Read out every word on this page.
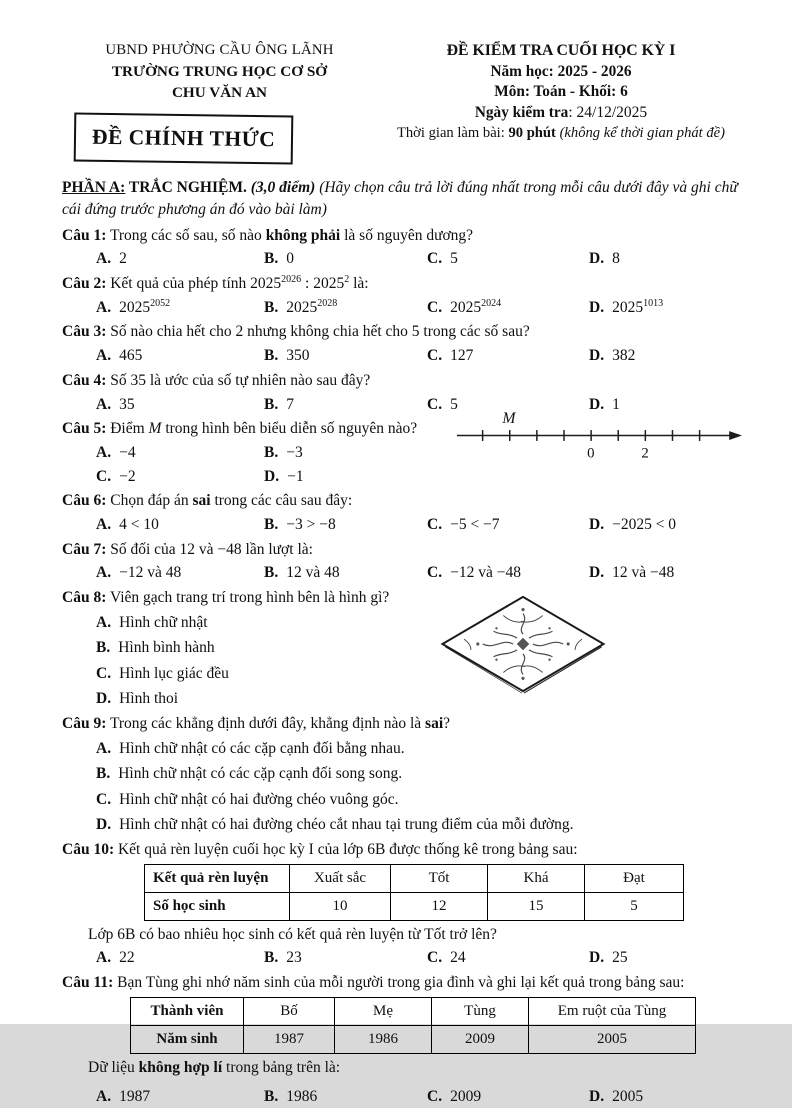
UBND PHƯỜNG CẦU ÔNG LÃNH
TRƯỜNG TRUNG HỌC CƠ SỞ
CHU VĂN AN
ĐỀ CHÍNH THỨC
ĐỀ KIỂM TRA CUỐI HỌC KỲ I
Năm học: 2025 - 2026
Môn: Toán - Khối: 6
Ngày kiểm tra: 24/12/2025
Thời gian làm bài: 90 phút (không kể thời gian phát đề)

PHẦN A: TRẮC NGHIỆM. (3,0 điểm) (Hãy chọn câu trả lời đúng nhất trong mỗi câu dưới đây và ghi chữ cái đứng trước phương án đó vào bài làm)

Câu 1: Trong các số sau, số nào không phải là số nguyên dương?

A. 2	B. 0	C. 5	D. 8

Câu 2: Kết quả của phép tính $2025^{2026}$ : 2025$^2$ là:

A. $2025^{2052}$	B. $2025^{2028}$	C. $2025^{2024}$	D. $2025^{1013}$

Câu 3: Số nào chia hết cho 2 nhưng không chia hết cho 5 trong các số sau?

A. 465	B. 350	C. 127	D. 382

Câu 4: Số 35 là ước của số tự nhiên nào sau đây?

A. 35	B. 7	C. 5	D. 1

Câu 5: Điểm M trong hình bên biểu diễn số nguyên nào?

A. −4	B. −3
C. −2	D. −1
M
0	2

Câu 6: Chọn đáp án sai trong các câu sau đây:

A. 4 < 10	B. −3 > −8	C. −5 < −7	D. −2025 < 0

Câu 7: Số đối của 12 và −48 lần lượt là:

A. −12 và 48	B. 12 và 48	C. −12 và −48	D. 12 và −48

Câu 8: Viên gạch trang trí trong hình bên là hình gì?

A. Hình chữ nhật
B. Hình bình hành
C. Hình lục giác đều
D. Hình thoi

Câu 9: Trong các khẳng định dưới đây, khẳng định nào là sai?

A. Hình chữ nhật có các cặp cạnh đối bằng nhau.
B. Hình chữ nhật có các cặp cạnh đối song song.
C. Hình chữ nhật có hai đường chéo vuông góc.
D. Hình chữ nhật có hai đường chéo cắt nhau tại trung điểm của mỗi đường.

Câu 10: Kết quả rèn luyện cuối học kỳ I của lớp 6B được thống kê trong bảng sau:

Kết quả rèn luyện	Xuất sắc	Tốt	Khá	Đạt
Số học sinh	10	12	15	5

Lớp 6B có bao nhiêu học sinh có kết quả rèn luyện từ Tốt trở lên?

A. 22	B. 23	C. 24	D. 25

Câu 11: Bạn Tùng ghi nhớ năm sinh của mỗi người trong gia đình và ghi lại kết quả trong bảng sau:

Thành viên	Bố	Mẹ	Tùng	Em ruột của Tùng
Năm sinh	1987	1986	2009	2005

Dữ liệu không hợp lí trong bảng trên là:

A. 1987	B. 1986	C. 2009	D. 2005
